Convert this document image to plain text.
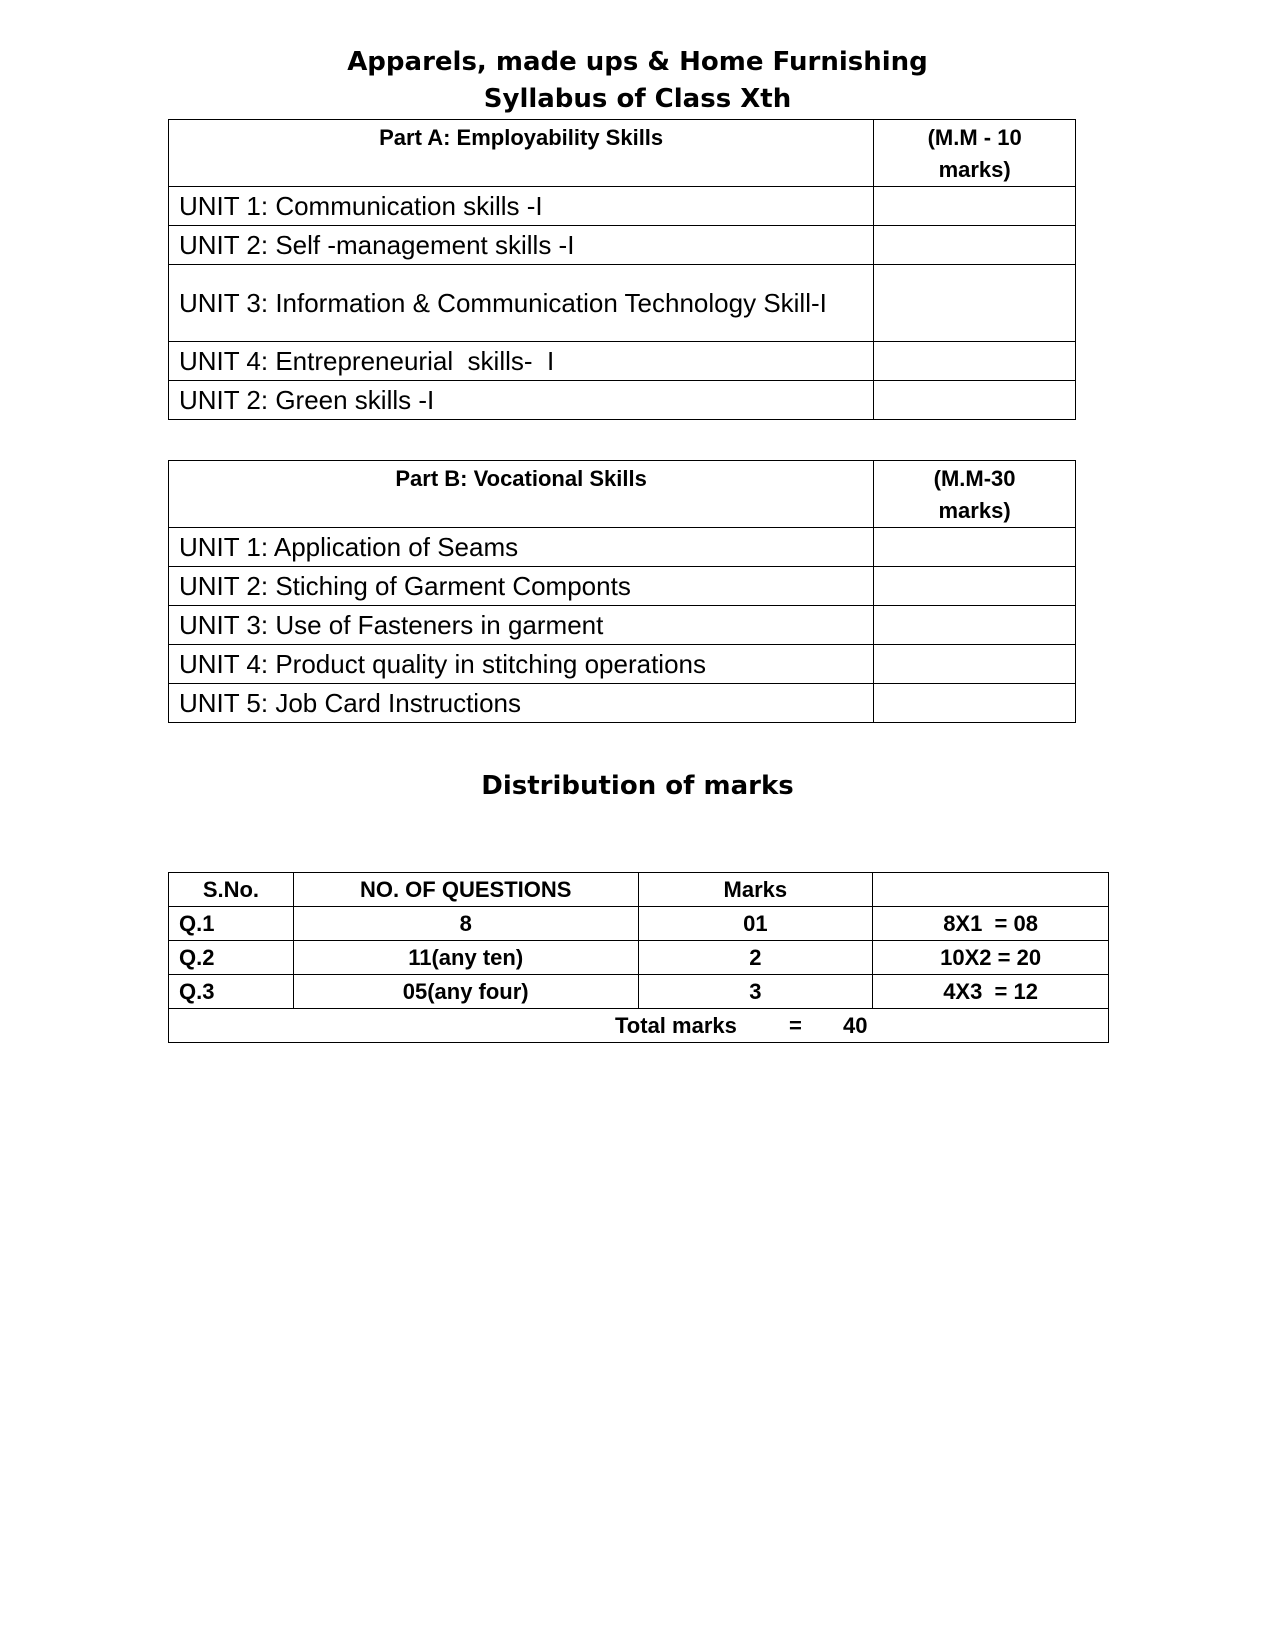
Apparels, made ups & Home Furnishing
Syllabus of Class Xth
Part A: Employability Skills	(M.M - 10
marks)
UNIT 1: Communication skills -I	
UNIT 2: Self -management skills -I	
UNIT 3: Information & Communication Technology Skill-I	
UNIT 4: Entrepreneurial  skills-  I	
UNIT 2: Green skills -I	
Part B: Vocational Skills	(M.M-30
marks)
UNIT 1: Application of Seams	
UNIT 2: Stiching of Garment Componts	
UNIT 3: Use of Fasteners in garment	
UNIT 4: Product quality in stitching operations	
UNIT 5: Job Card Instructions	
Distribution of marks
S.No.	NO. OF QUESTIONS	Marks	
Q.1	8	01	8X1  = 08
Q.2	11(any ten)	2	10X2 = 20
Q.3	05(any four)	3	4X3  = 12

Total marks = 40			
